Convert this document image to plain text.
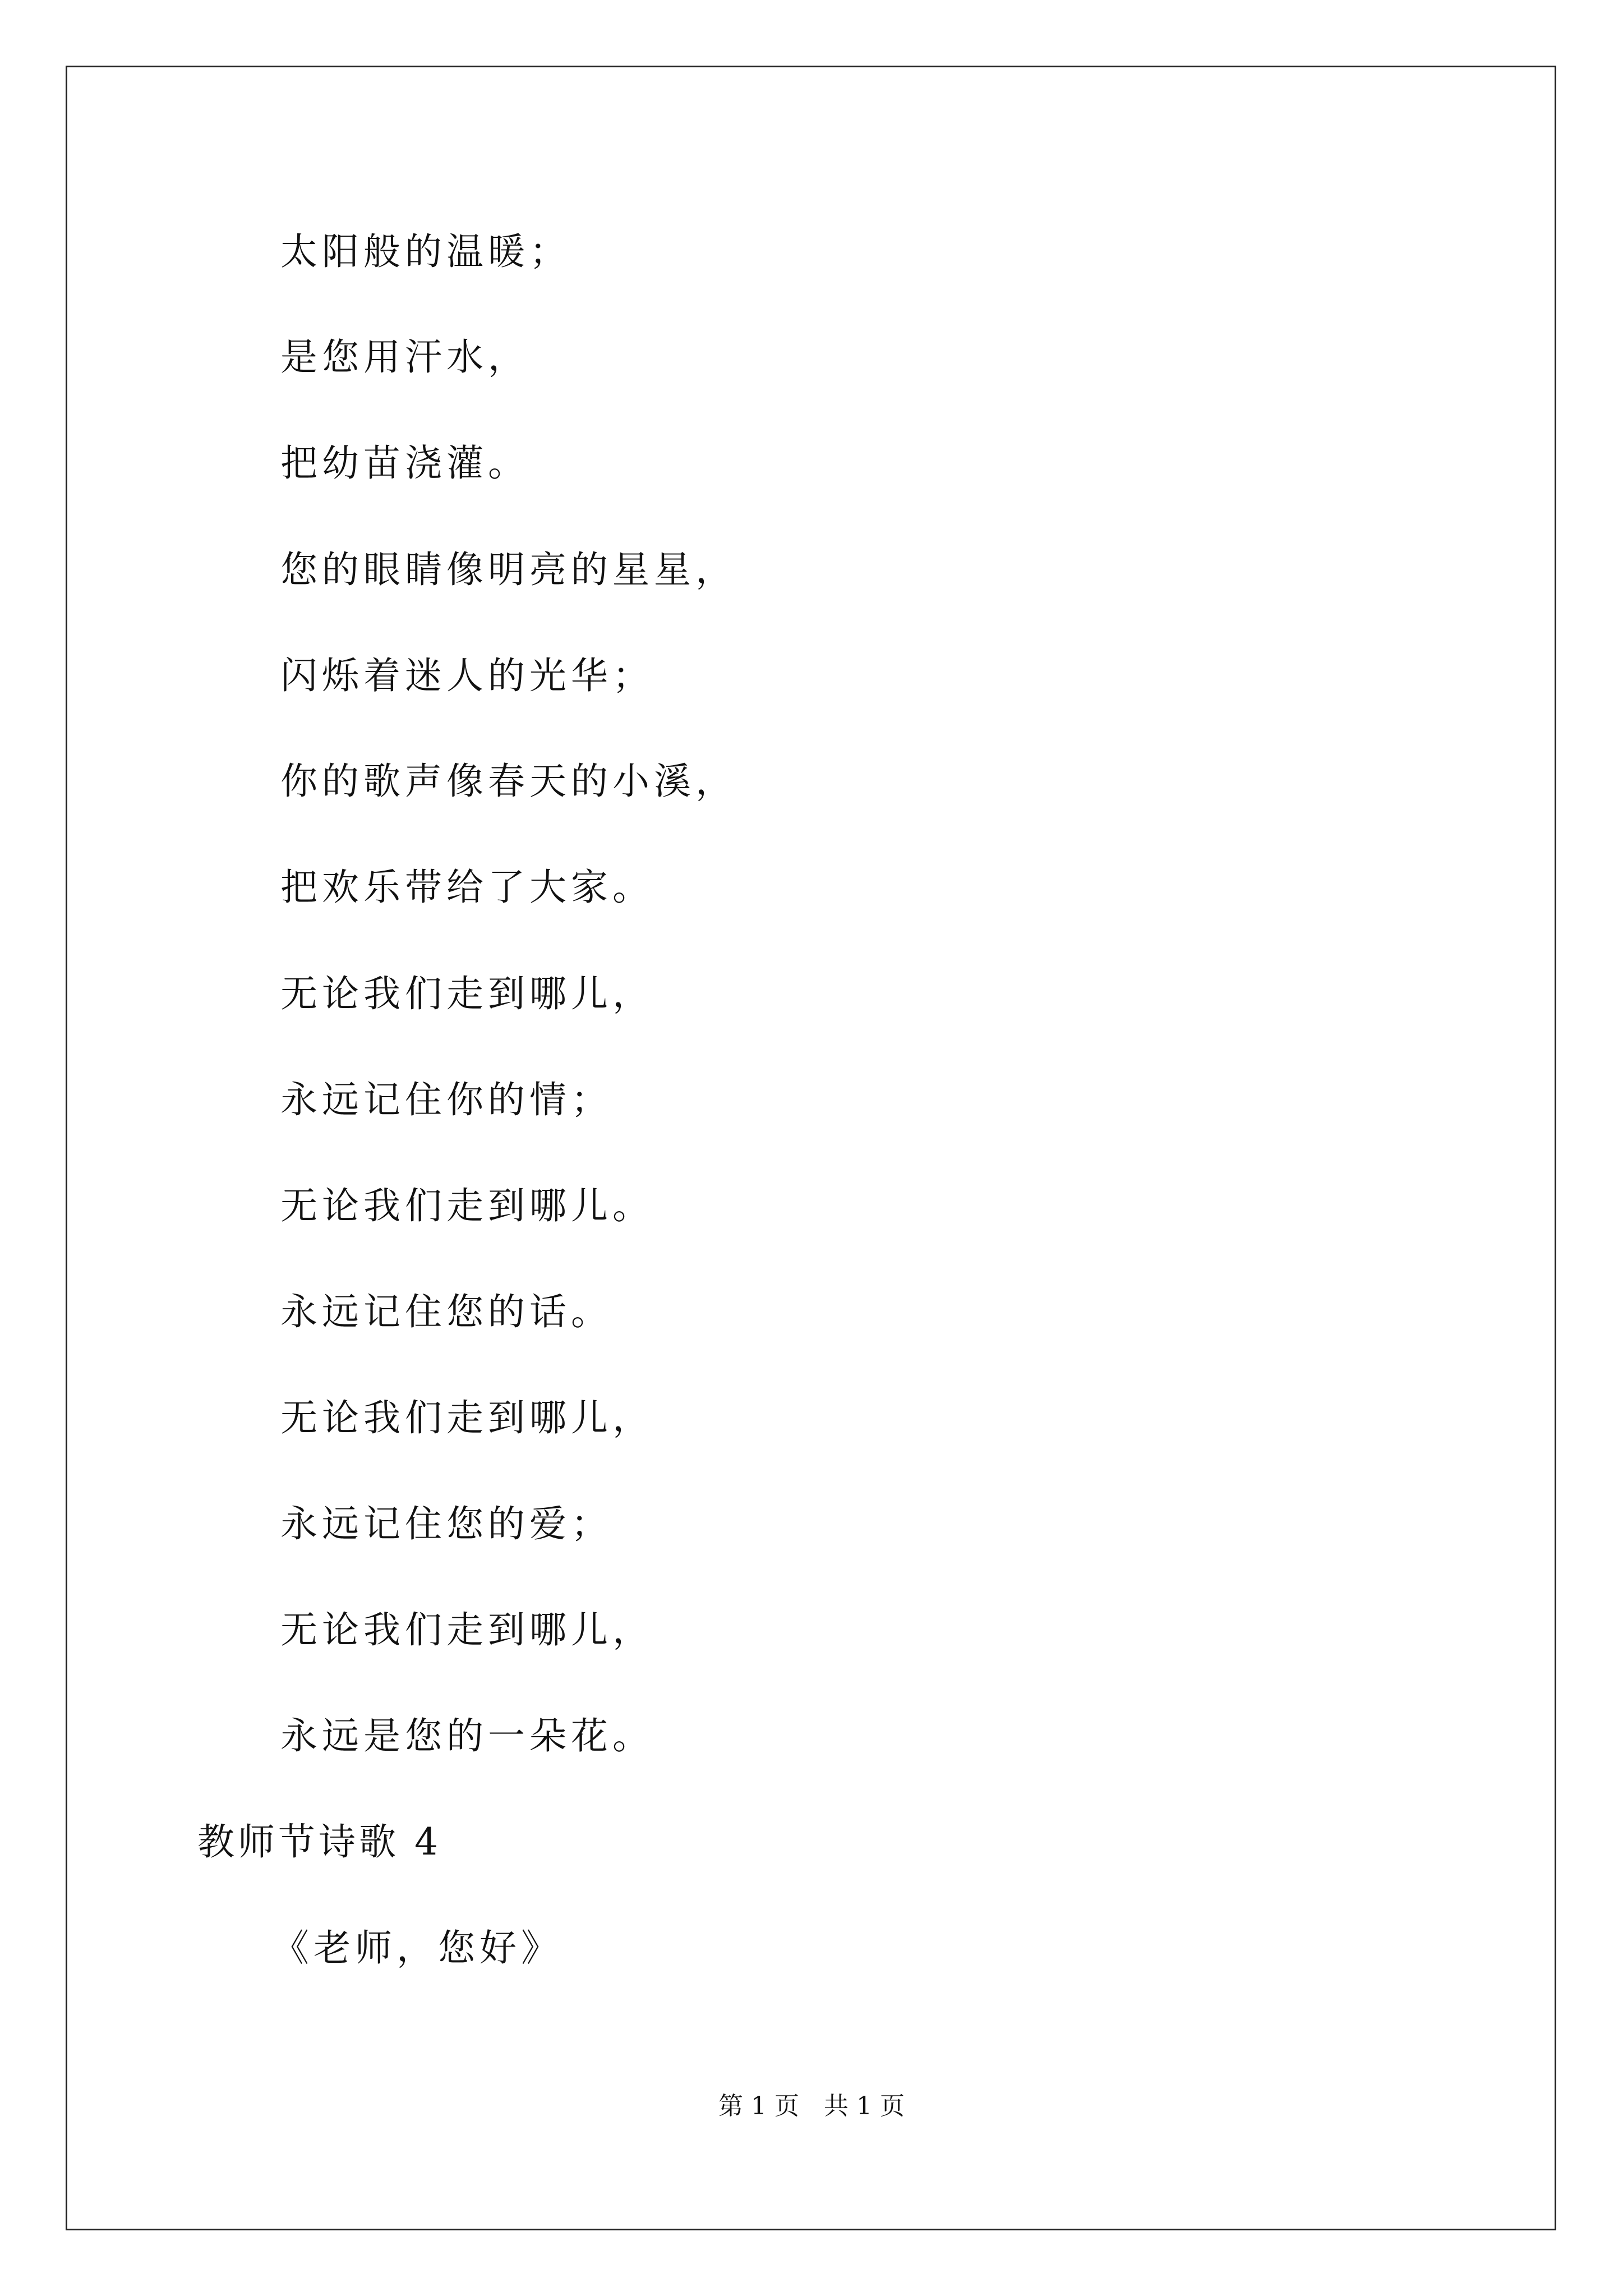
太阳般的温暖；
是您用汗水，
把幼苗浇灌。
您的眼睛像明亮的星星，
闪烁着迷人的光华；
你的歌声像春天的小溪，
把欢乐带给了大家。
无论我们走到哪儿，
永远记住你的情；
无论我们走到哪儿。
永远记住您的话。
无论我们走到哪儿，
永远记住您的爱；
无论我们走到哪儿，
永远是您的一朵花。
教师节诗歌 4
《老师，您好》
第 1 页 共 1 页
